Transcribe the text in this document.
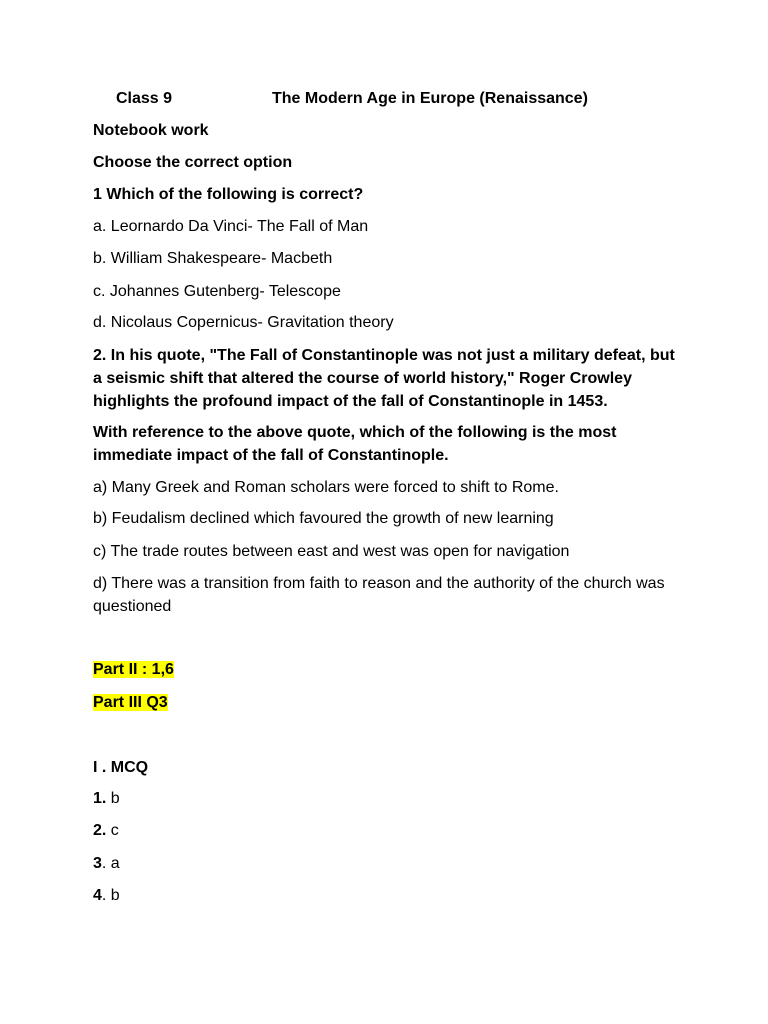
Class 9	The Modern Age in Europe (Renaissance)
Notebook work
Choose the correct option
1 Which of the following is correct?
a. Leornardo Da Vinci- The Fall of Man
b. William Shakespeare- Macbeth
c. Johannes Gutenberg- Telescope
d. Nicolaus Copernicus- Gravitation theory
2. In his quote, "The Fall of Constantinople was not just a military defeat, but a seismic shift that altered the course of world history," Roger Crowley highlights the profound impact of the fall of Constantinople in 1453.
With reference to the above quote, which of the following is the most immediate impact of the fall of Constantinople.
a) Many Greek and Roman scholars were forced to shift to Rome.
b) Feudalism declined which favoured the growth of new learning
c) The trade routes between east and west was open for navigation
d) There was a transition from faith to reason and the authority of the church was questioned
Part II : 1,6
Part III Q3
I . MCQ
1. b
2. c
3. a
4. b
